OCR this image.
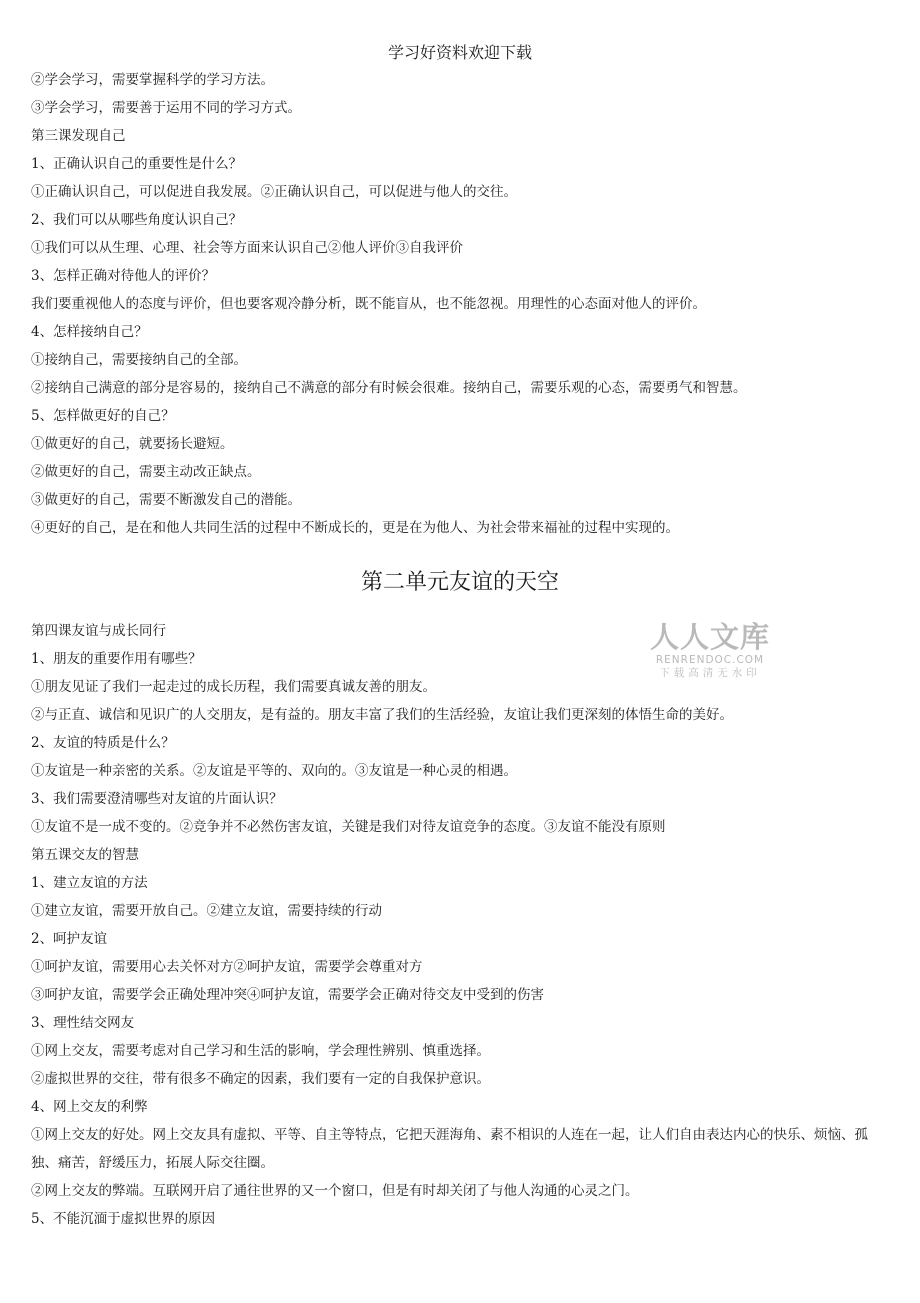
学习好资料欢迎下载
②学会学习，需要掌握科学的学习方法。
③学会学习，需要善于运用不同的学习方式。
第三课发现自己
1、正确认识自己的重要性是什么？
①正确认识自己，可以促进自我发展。②正确认识自己，可以促进与他人的交往。
2、我们可以从哪些角度认识自己？
①我们可以从生理、心理、社会等方面来认识自己②他人评价③自我评价
3、怎样正确对待他人的评价？
我们要重视他人的态度与评价，但也要客观冷静分析，既不能盲从，也不能忽视。用理性的心态面对他人的评价。
4、怎样接纳自己？
①接纳自己，需要接纳自己的全部。
②接纳自己满意的部分是容易的，接纳自己不满意的部分有时候会很难。接纳自己，需要乐观的心态，需要勇气和智慧。
5、怎样做更好的自己？
①做更好的自己，就要扬长避短。
②做更好的自己，需要主动改正缺点。
③做更好的自己，需要不断激发自己的潜能。
④更好的自己，是在和他人共同生活的过程中不断成长的，更是在为他人、为社会带来福祉的过程中实现的。
第二单元友谊的天空
人人文库
RENRENDOC.COM
下载高清无水印
第四课友谊与成长同行
1、朋友的重要作用有哪些？
①朋友见证了我们一起走过的成长历程，我们需要真诚友善的朋友。
②与正直、诚信和见识广的人交朋友，是有益的。朋友丰富了我们的生活经验，友谊让我们更深刻的体悟生命的美好。
2、友谊的特质是什么？
①友谊是一种亲密的关系。②友谊是平等的、双向的。③友谊是一种心灵的相遇。
3、我们需要澄清哪些对友谊的片面认识？
①友谊不是一成不变的。②竞争并不必然伤害友谊，关键是我们对待友谊竞争的态度。③友谊不能没有原则
第五课交友的智慧
1、建立友谊的方法
①建立友谊，需要开放自己。②建立友谊，需要持续的行动
2、呵护友谊
①呵护友谊，需要用心去关怀对方②呵护友谊，需要学会尊重对方
③呵护友谊，需要学会正确处理冲突④呵护友谊，需要学会正确对待交友中受到的伤害
3、理性结交网友
①网上交友，需要考虑对自己学习和生活的影响，学会理性辨别、慎重选择。
②虚拟世界的交往，带有很多不确定的因素，我们要有一定的自我保护意识。
4、网上交友的利弊
①网上交友的好处。网上交友具有虚拟、平等、自主等特点，它把天涯海角、素不相识的人连在一起，让人们自由表达内心的快乐、烦恼、孤独、痛苦，舒缓压力，拓展人际交往圈。
②网上交友的弊端。互联网开启了通往世界的又一个窗口，但是有时却关闭了与他人沟通的心灵之门。
5、不能沉湎于虚拟世界的原因
